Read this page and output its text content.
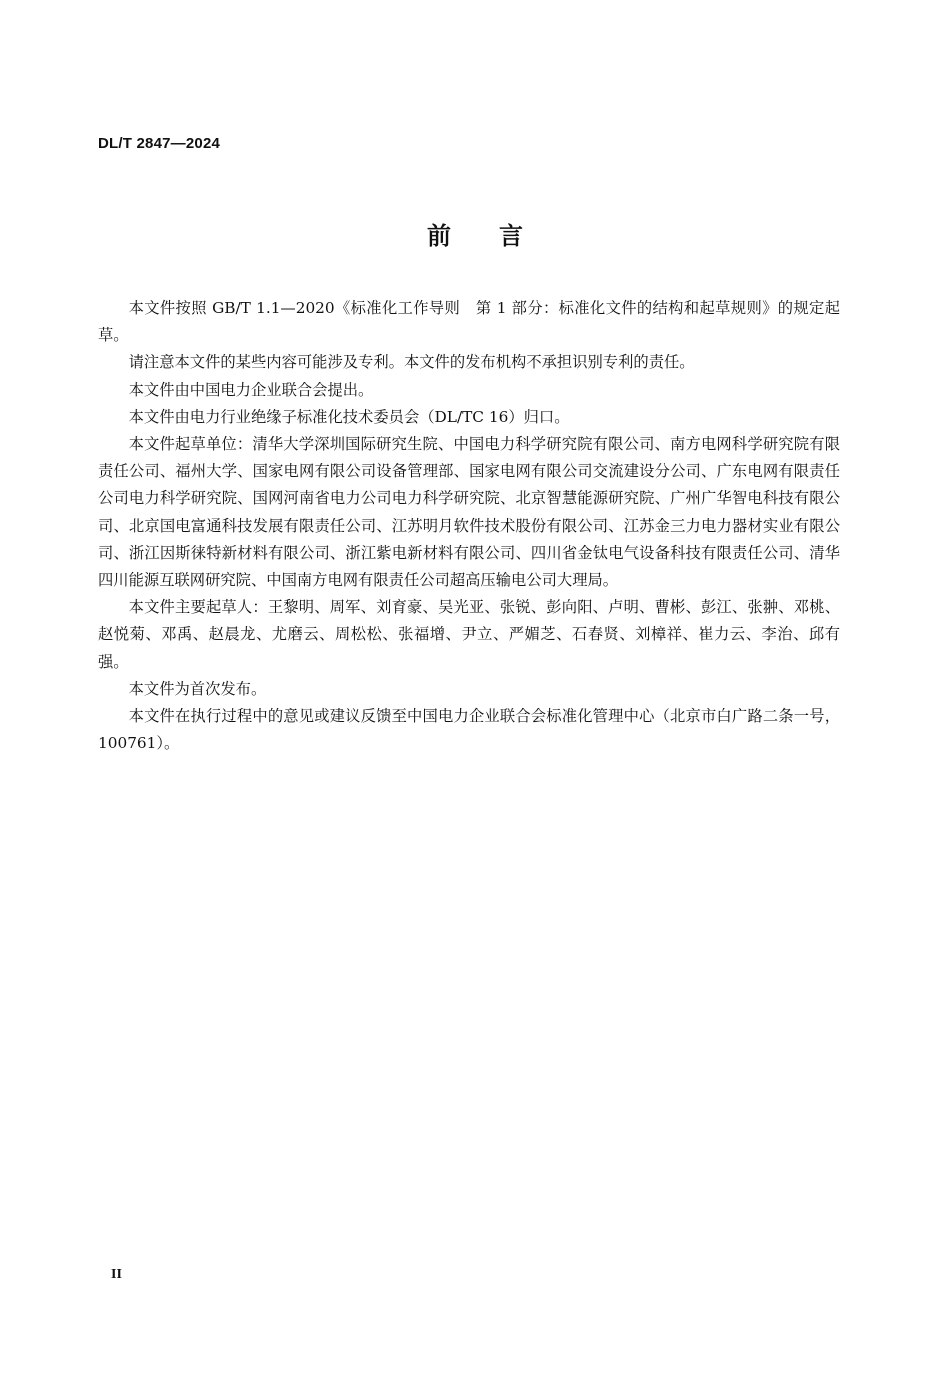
DL/T 2847—2024
前言

本文件按照 GB/T 1.1—2020《标准化工作导则　第 1 部分：标准化文件的结构和起草规则》的规定起草。

请注意本文件的某些内容可能涉及专利。本文件的发布机构不承担识别专利的责任。

本文件由中国电力企业联合会提出。

本文件由电力行业绝缘子标准化技术委员会（DL/TC 16）归口。

本文件起草单位：清华大学深圳国际研究生院、中国电力科学研究院有限公司、南方电网科学研究院有限责任公司、福州大学、国家电网有限公司设备管理部、国家电网有限公司交流建设分公司、广东电网有限责任公司电力科学研究院、国网河南省电力公司电力科学研究院、北京智慧能源研究院、广州广华智电科技有限公司、北京国电富通科技发展有限责任公司、江苏明月软件技术股份有限公司、江苏金三力电力器材实业有限公司、浙江因斯徕特新材料有限公司、浙江紫电新材料有限公司、四川省金钛电气设备科技有限责任公司、清华四川能源互联网研究院、中国南方电网有限责任公司超高压输电公司大理局。

本文件主要起草人：王黎明、周军、刘育豪、吴光亚、张锐、彭向阳、卢明、曹彬、彭江、张翀、邓桃、赵悦菊、邓禹、赵晨龙、尤磨云、周松松、张福增、尹立、严媚芝、石春贤、刘樟祥、崔力云、李治、邱有强。

本文件为首次发布。

本文件在执行过程中的意见或建议反馈至中国电力企业联合会标准化管理中心（北京市白广路二条一号，100761）。

II
